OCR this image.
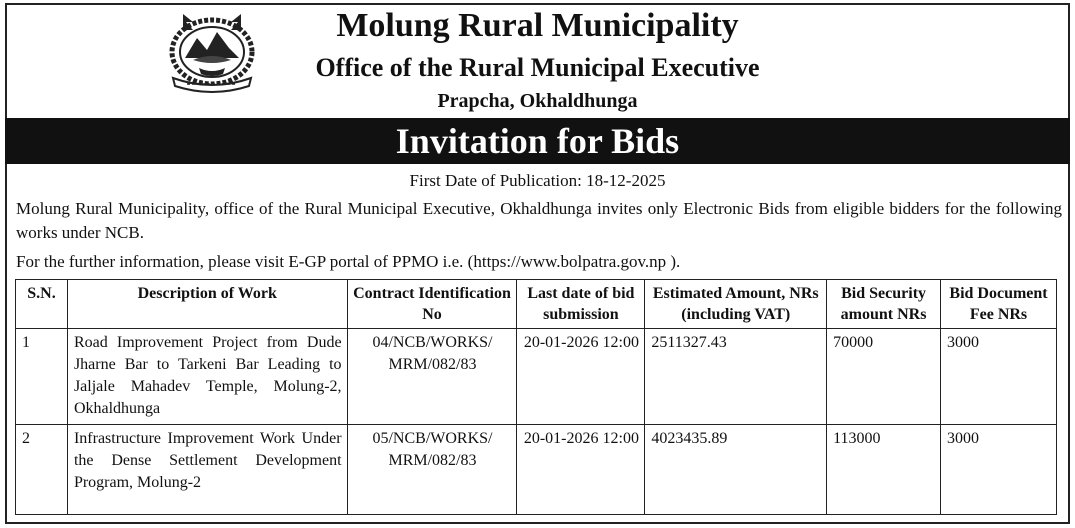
Molung Rural Municipality
Office of the Rural Municipal Executive
Prapcha, Okhaldhunga
Invitation for Bids
First Date of Publication: 18-12-2025
Molung Rural Municipality, office of the Rural Municipal Executive, Okhaldhunga invites only Electronic Bids from eligible bidders for the following works under NCB.
For the further information, please visit E-GP portal of PPMO i.e. (https://www.bolpatra.gov.np ).
S.N.	Description of Work	Contract Identification No	Last date of bid submission	Estimated Amount, NRs (including VAT)	Bid Security amount NRs	Bid Document Fee NRs
1	Road Improvement Project from Dude Jharne Bar to Tarkeni Bar Leading to Jaljale Mahadev Temple, Molung-2, Okhaldhunga	04/NCB/WORKS/ MRM/082/83	20-01-2026 12:00	2511327.43	70000	3000
2	Infrastructure Improvement Work Under the Dense Settlement Development Program, Molung-2	05/NCB/WORKS/ MRM/082/83	20-01-2026 12:00	4023435.89	113000	3000
